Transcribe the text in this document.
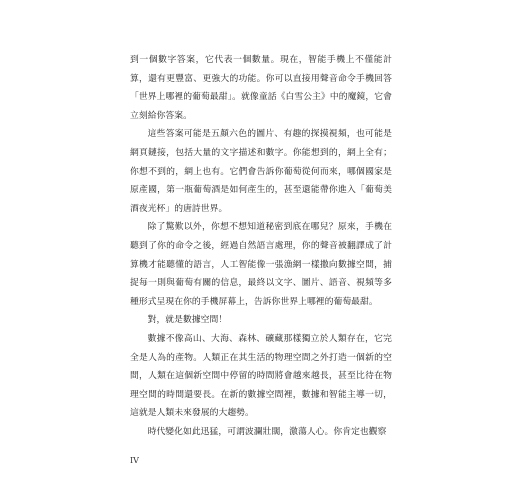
到一個數字答案，它代表一個數量。現在，智能手機上不僅能計算，還有更豐富、更強大的功能。你可以直接用聲音命令手機回答「世界上哪裡的葡萄最甜」。就像童話《白雪公主》中的魔鏡，它會立刻給你答案。

這些答案可能是五顏六色的圖片、有趣的探摸視頻，也可能是網頁鏈接，包括大量的文字描述和數字。你能想到的，網上全有；你想不到的，網上也有。它們會告訴你葡萄從何而來，哪個國家是原產國，第一瓶葡萄酒是如何產生的，甚至還能帶你進入「葡萄美酒夜光杯」的唐詩世界。

除了驚歎以外，你想不想知道秘密到底在哪兒？原來，手機在聽到了你的命令之後，經過自然語言處理，你的聲音被翻譯成了計算機才能聽懂的語言，人工智能像一張漁網一樣撒向數據空間，捕捉每一則與葡萄有關的信息，最終以文字、圖片、語音、視頻等多種形式呈現在你的手機屏幕上，告訴你世界上哪裡的葡萄最甜。

對，就是數據空間！

數據不像高山、大海、森林、礦藏那樣獨立於人類存在，它完全是人為的產物。人類正在其生活的物理空間之外打造一個新的空間，人類在這個新空間中停留的時間將會越來越長，甚至比待在物理空間的時間還要長。在新的數據空間裡，數據和智能主導一切，這就是人類未來發展的大趨勢。

時代變化如此迅猛，可謂波瀾壯闊，激蕩人心。你肯定也觀察

IV
